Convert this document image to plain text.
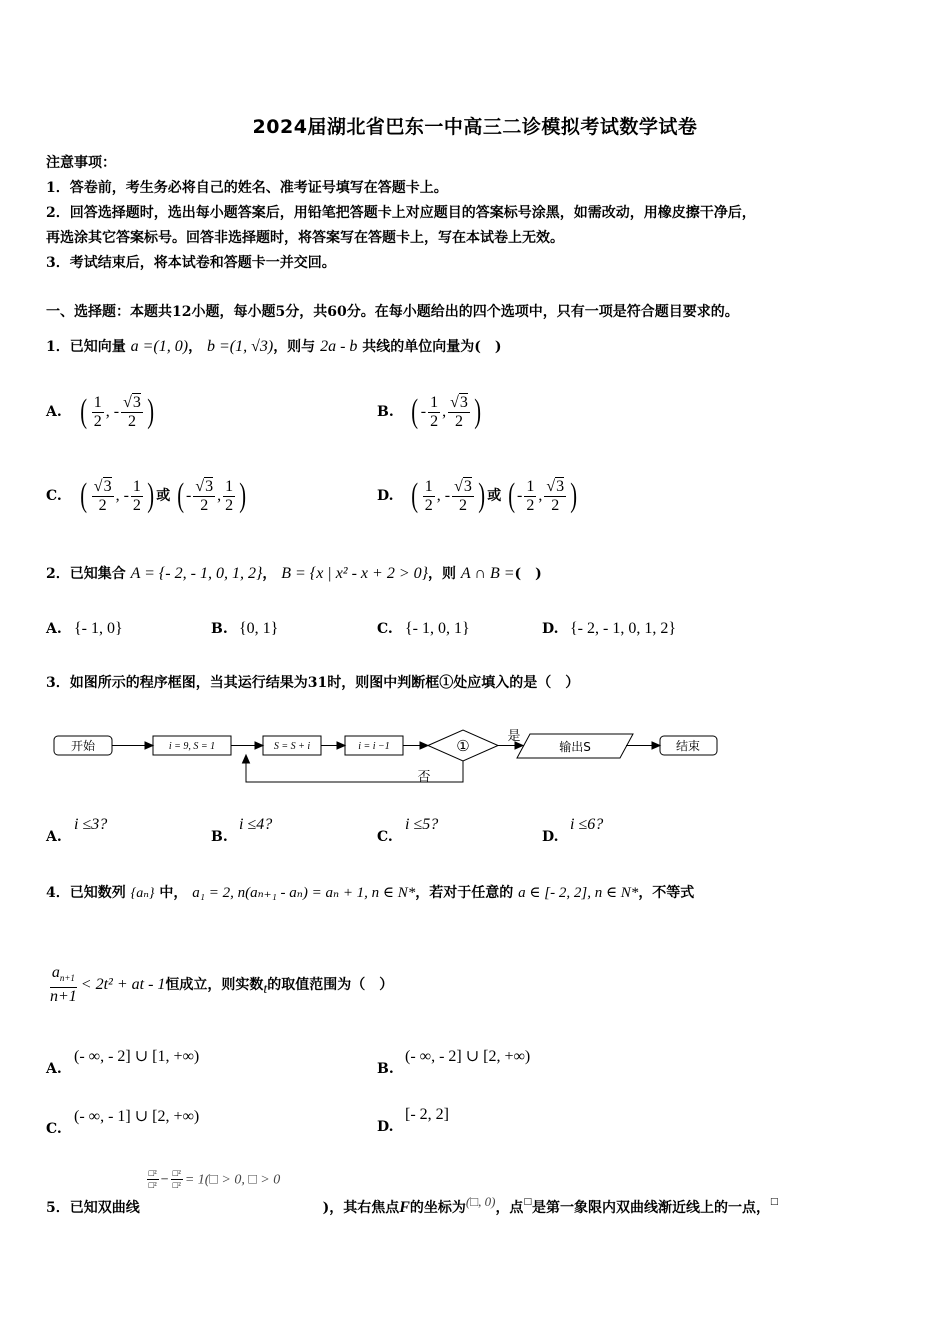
2024届湖北省巴东一中高三二诊模拟考试数学试卷
注意事项：
1．答卷前，考生务必将自己的姓名、准考证号填写在答题卡上。
2．回答选择题时，选出每小题答案后，用铅笔把答题卡上对应题目的答案标号涂黑，如需改动，用橡皮擦干净后，
再选涂其它答案标号。回答非选择题时，将答案写在答题卡上，写在本试卷上无效。
3．考试结束后，将本试卷和答题卡一并交回。
一、选择题：本题共12小题，每小题5分，共60分。在每小题给出的四个选项中，只有一项是符合题目要求的。
1．已知向量 a =(1, 0)， b =(1, √3)，则与 2a - b 共线的单位向量为(　)
A. ( $\frac{1}{2}$ , - $\frac{√3}{2}$ )	B. ( - $\frac{1}{2}$ , $\frac{√3}{2}$ )
C. ( $\frac{√3}{2}$ , - $\frac{1}{2}$ ) 或 ( - $\frac{√3}{2}$ , $\frac{1}{2}$ )	D. ( $\frac{1}{2}$ , - $\frac{√3}{2}$ ) 或 ( - $\frac{1}{2}$ , $\frac{√3}{2}$ )
2．已知集合 A = {- 2, - 1, 0, 1, 2}， B = {x | x² - x + 2 > 0}，则 A ∩ B =(　)
A. {- 1, 0}	B. {0, 1}	C. {- 1, 0, 1}	D. {- 2, - 1, 0, 1, 2}
3．如图所示的程序框图，当其运行结果为31时，则图中判断框①处应填入的是（　）
开始	i = 9, S = 1	S = S + i	i = i −1	①
是
否
输出S	结束
A.i ≤3?
B.i ≤4?
C.i ≤5?
D.i ≤6?
4．已知数列 {aₙ} 中， a₁ = 2, n(aₙ₊₁ - aₙ) = aₙ + 1, n ∈ N*，若对于任意的 a ∈ [- 2, 2], n ∈ N*，不等式
$\frac{a_{n+1}}{n+1} < 2t^2$ + at - 1恒成立，则实数t的取值范围为（　）
A.(- ∞, - 2] ∪ [1, +∞)
B.(- ∞, - 2] ∪ [2, +∞)
C.(- ∞, - 1] ∪ [2, +∞)
D.[- 2, 2]
5．已知双曲线
$\frac{\text{□²}}{\text{□²}} - \frac{\text{□²}}{\text{□²}}$ = 1(□ > 0, □ > 0
)，其右焦点F的坐标为(□, 0)，点□是第一象限内双曲线渐近线上的一点，□
